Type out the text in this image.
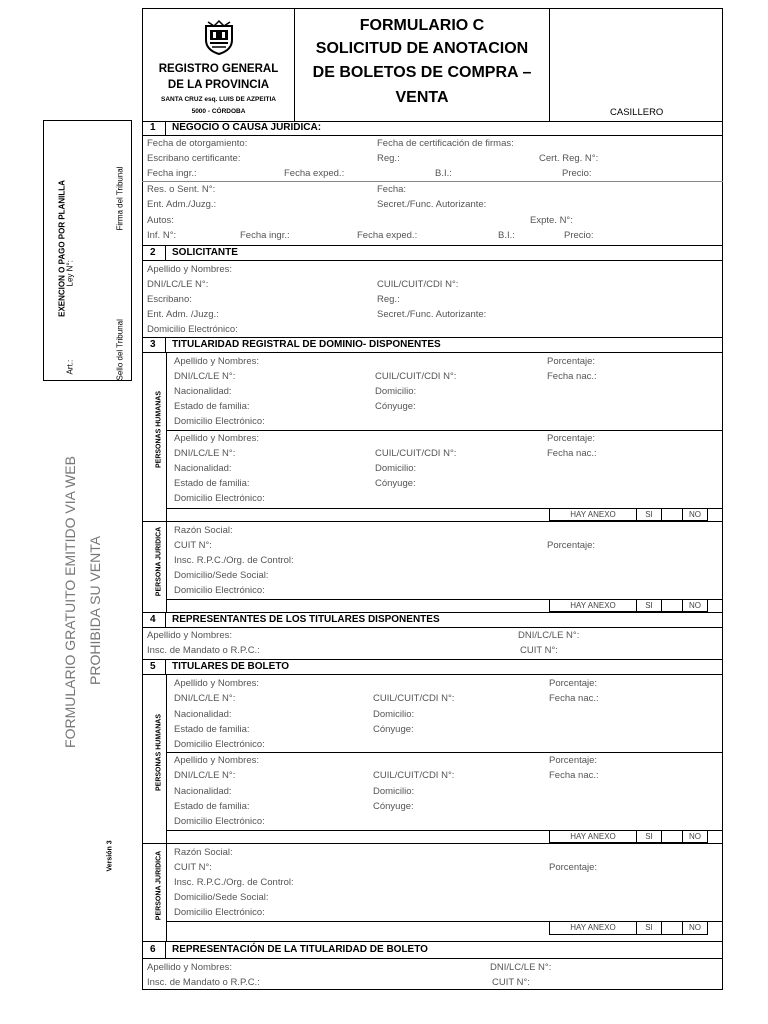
EXENCION O PAGO POR PLANILLA Ley N°:
Art.:
Firma del Tribunal
Sello del Tribunal
FORMULARIO GRATUITO EMITIDO VIA WEB PROHIBIDA SU VENTA
Versión 3
REGISTRO GENERAL
DE LA PROVINCIA
SANTA CRUZ esq. LUIS DE AZPEITIA
5000 - CÓRDOBA
FORMULARIO C
SOLICITUD DE ANOTACION
DE BOLETOS DE COMPRA –
VENTA
CASILLERO
1 NEGOCIO O CAUSA JURIDICA:
Fecha de otorgamiento:	Fecha de certificación de firmas:
Escribano certificante:	Reg.:	Cert. Reg. N°:
Fecha ingr.:	Fecha exped.:	B.I.:	Precio:
Res. o Sent. N°:	Fecha:
Ent. Adm./Juzg.:	Secret./Func. Autorizante:
Autos:	Expte. N°:
Inf. N°:	Fecha ingr.:	Fecha exped.:	B.I.:	Precio:
2 SOLICITANTE
Apellido y Nombres:
DNI/LC/LE N°:	CUIL/CUIT/CDI N°:
Escribano:	Reg.:
Ent. Adm. /Juzg.:	Secret./Func. Autorizante:
Domicilio Electrónico:
3 TITULARIDAD REGISTRAL DE DOMINIO- DISPONENTES
PERSONAS HUMANAS
Apellido y Nombres:	Porcentaje:
DNI/LC/LE N°:	CUIL/CUIT/CDI N°:	Fecha nac.:
Nacionalidad:	Domicilio:
Estado de familia:	Cónyuge:
Domicilio Electrónico:
Apellido y Nombres:	Porcentaje:
DNI/LC/LE N°:	CUIL/CUIT/CDI N°:	Fecha nac.:
Nacionalidad:	Domicilio:
Estado de familia:	Cónyuge:
Domicilio Electrónico:
HAY ANEXO	SI	NO
PERSONA JURIDICA Razón Social:
CUIT N°:	Porcentaje:
Insc. R.P.C./Org. de Control:
Domicilio/Sede Social:
Domicilio Electrónico:
HAY ANEXO	SI	NO
4 REPRESENTANTES DE LOS TITULARES DISPONENTES
Apellido y Nombres:	DNI/LC/LE N°:
Insc. de Mandato o R.P.C.:	CUIT N°:
5 TITULARES DE BOLETO
PERSONAS HUMANAS
Apellido y Nombres:	Porcentaje:
DNI/LC/LE N°:	CUIL/CUIT/CDI N°:	Fecha nac.:
Nacionalidad:	Domicilio:
Estado de familia:	Cónyuge:
Domicilio Electrónico:
Apellido y Nombres:	Porcentaje:
DNI/LC/LE N°:	CUIL/CUIT/CDI N°:	Fecha nac.:
Nacionalidad:	Domicilio:
Estado de familia:	Cónyuge:
Domicilio Electrónico:
HAY ANEXO	SI	NO
PERSONA JURIDICA Razón Social:
CUIT N°:	Porcentaje:
Insc. R.P.C./Org. de Control:
Domicilio/Sede Social:
Domicilio Electrónico:
HAY ANEXO	SI	NO
6 REPRESENTACIÓN DE LA TITULARIDAD DE BOLETO
Apellido y Nombres:	DNI/LC/LE N°:
Insc. de Mandato o R.P.C.:	CUIT N°:
